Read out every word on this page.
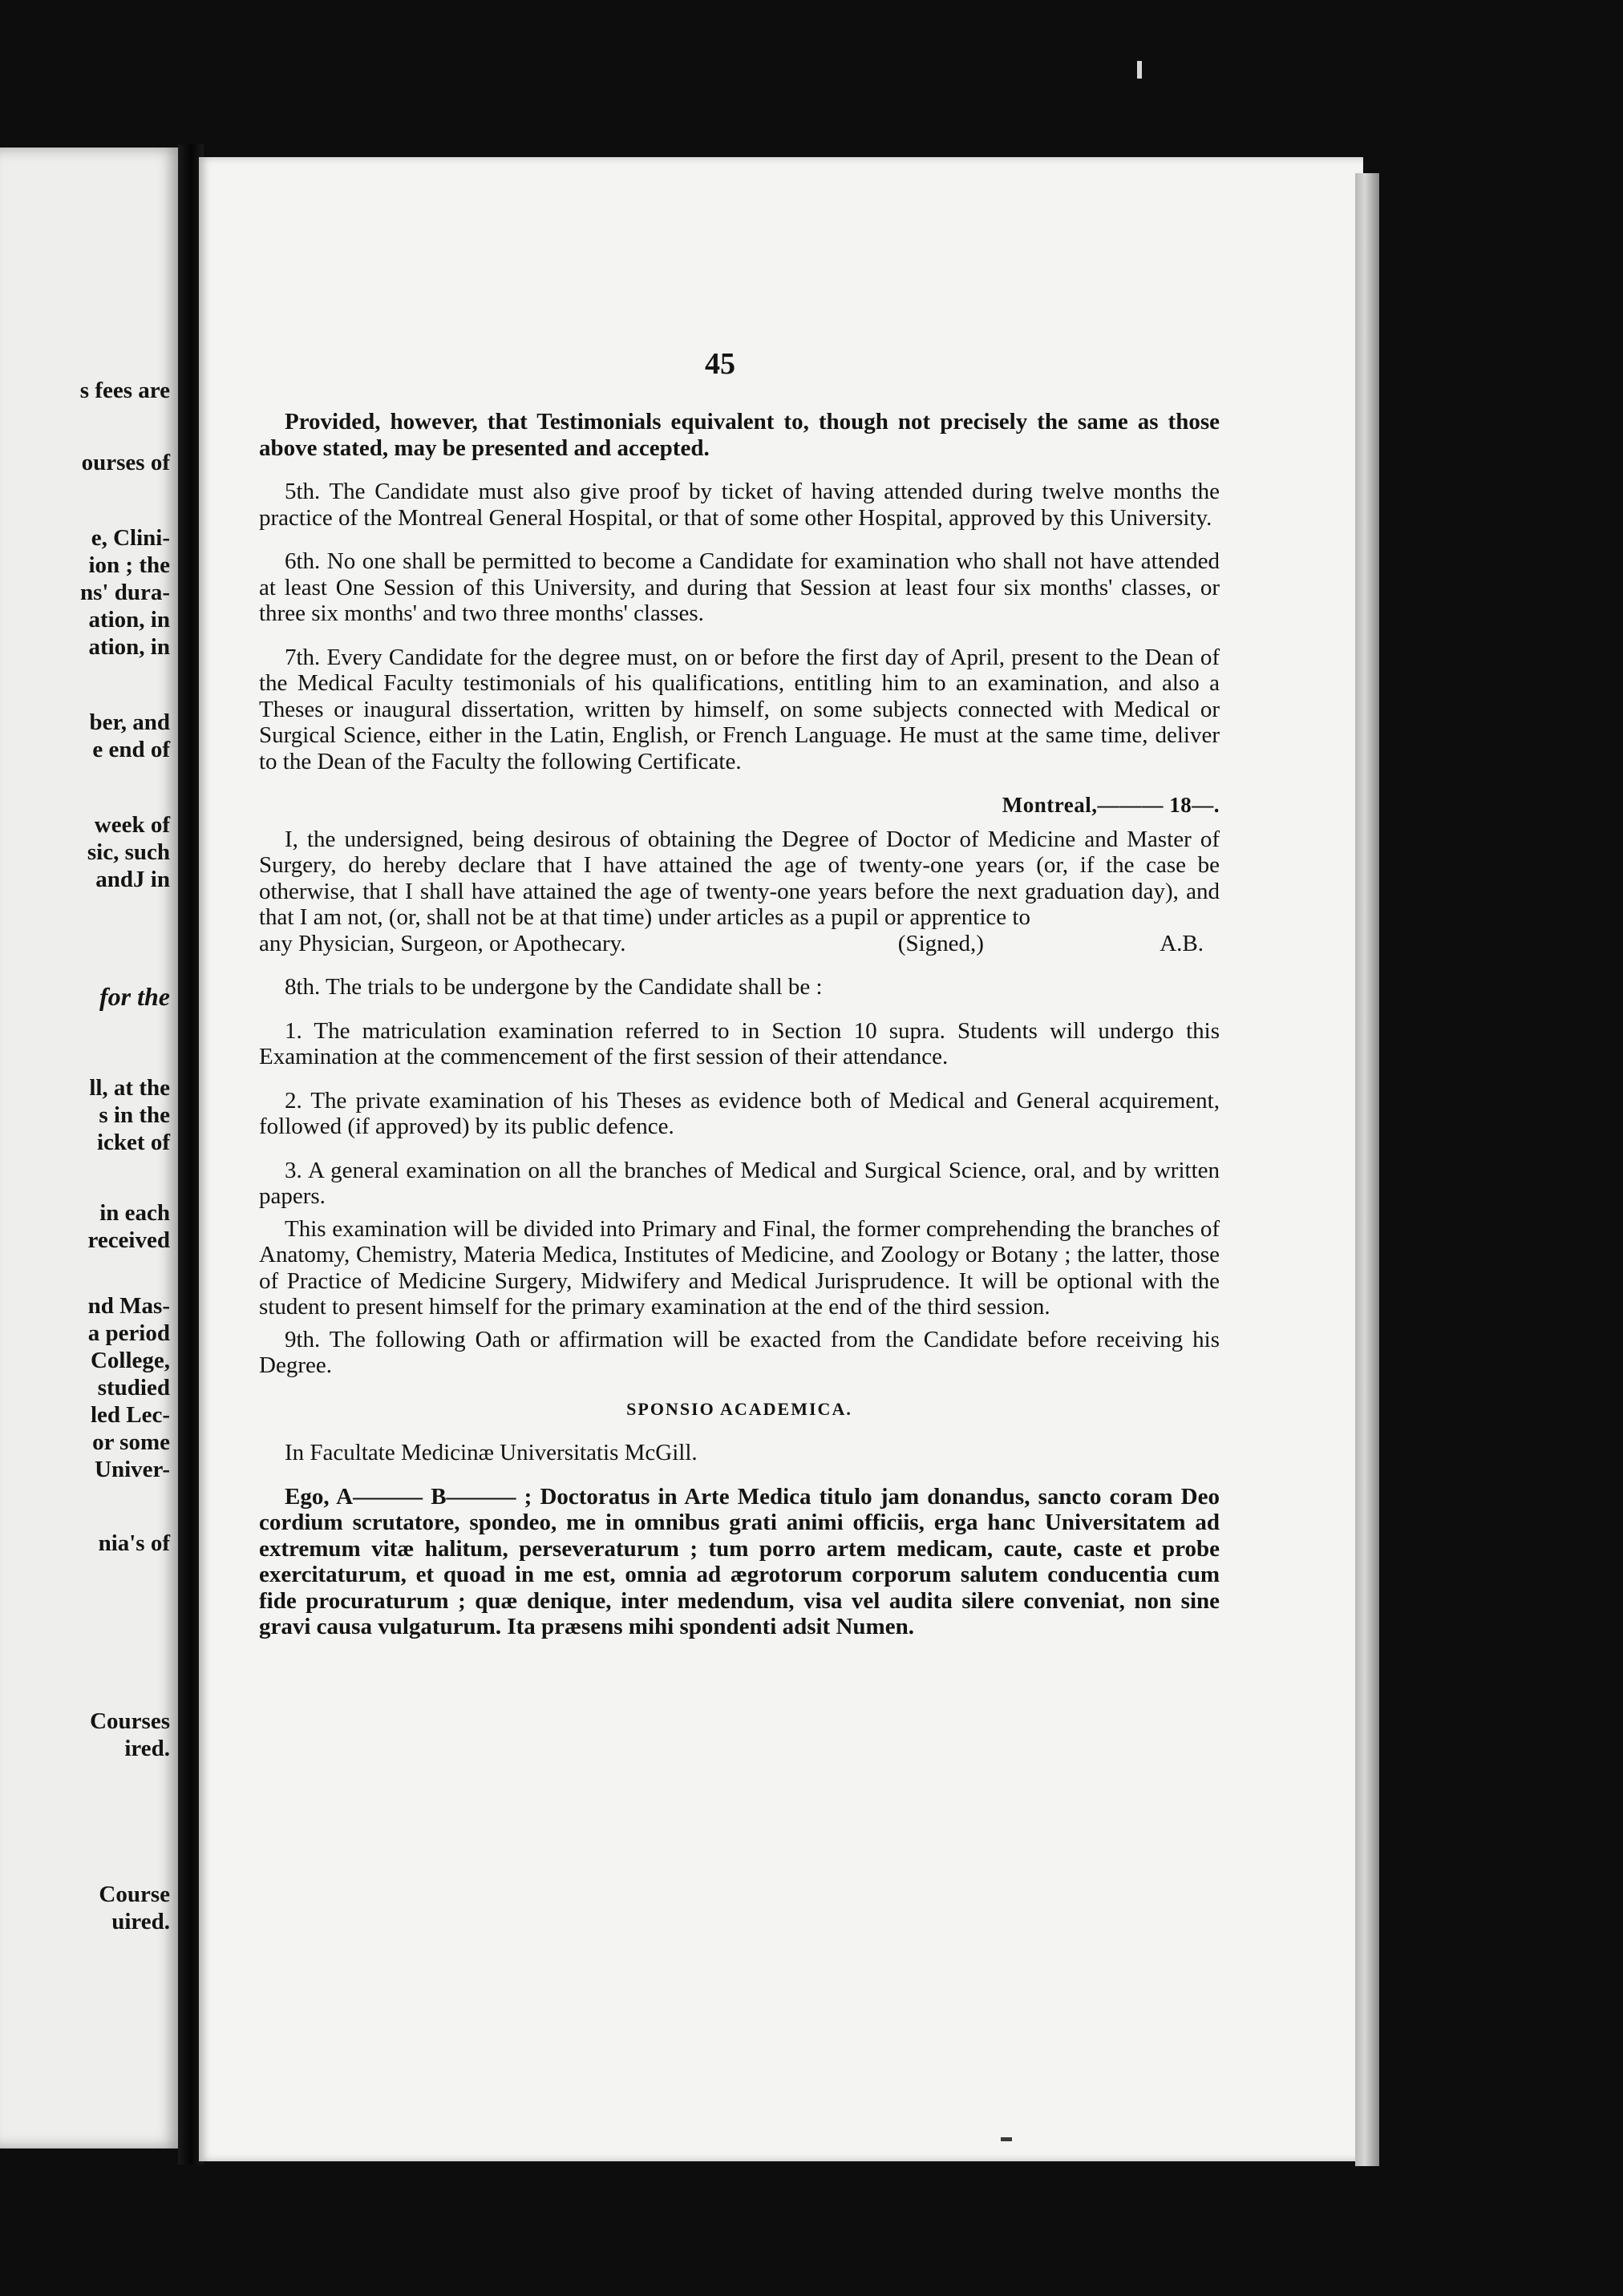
s fees are
ourses of
e, Clini-
ion ; the
ns' dura-
ation, in
ation, in
ber, and
e end of
week of
sic, such
andJ in
for the
ll, at the
s in the
icket of
in each
received
nd Mas-
a period
College,
studied
led Lec-
or some
Univer-
nia's of
Courses
ired.
Course
uired.
45

Provided, however, that Testimonials equivalent to, though not precisely the same as those above stated, may be presented and accepted.

5th. The Candidate must also give proof by ticket of having attended during twelve months the practice of the Montreal General Hospital, or that of some other Hospital, approved by this University.

6th. No one shall be permitted to become a Candidate for examination who shall not have attended at least One Session of this University, and during that Session at least four six months' classes, or three six months' and two three months' classes.

7th. Every Candidate for the degree must, on or before the first day of April, present to the Dean of the Medical Faculty testimonials of his qualifications, entitling him to an examination, and also a Theses or inaugural dissertation, written by himself, on some subjects connected with Medical or Surgical Science, either in the Latin, English, or French Language. He must at the same time, deliver to the Dean of the Faculty the following Certificate.

Montreal,——— 18—.

I, the undersigned, being desirous of obtaining the Degree of Doctor of Medicine and Master of Surgery, do hereby declare that I have attained the age of twenty-one years (or, if the case be otherwise, that I shall have attained the age of twenty-one years before the next graduation day), and that I am not, (or, shall not be at that time) under articles as a pupil or apprentice to

any Physician, Surgeon, or Apothecary.	(Signed,)	A.B.

8th. The trials to be undergone by the Candidate shall be :

1. The matriculation examination referred to in Section 10 supra. Students will undergo this Examination at the commencement of the first session of their attendance.

2. The private examination of his Theses as evidence both of Medical and General acquirement, followed (if approved) by its public defence.

3. A general examination on all the branches of Medical and Surgical Science, oral, and by written papers.

This examination will be divided into Primary and Final, the former comprehending the branches of Anatomy, Chemistry, Materia Medica, Institutes of Medicine, and Zoology or Botany ; the latter, those of Practice of Medicine Surgery, Midwifery and Medical Jurisprudence. It will be optional with the student to present himself for the primary examination at the end of the third session.

9th. The following Oath or affirmation will be exacted from the Candidate before receiving his Degree.

SPONSIO ACADEMICA.

In Facultate Medicinæ Universitatis McGill.

Ego, A——— B——— ; Doctoratus in Arte Medica titulo jam donandus, sancto coram Deo cordium scrutatore, spondeo, me in omnibus grati animi officiis, erga hanc Universitatem ad extremum vitæ halitum, perseveraturum ; tum porro artem medicam, caute, caste et probe exercitaturum, et quoad in me est, omnia ad ægrotorum corporum salutem conducentia cum fide procuraturum ; quæ denique, inter medendum, visa vel audita silere conveniat, non sine gravi causa vulgaturum. Ita præsens mihi spondenti adsit Numen.
